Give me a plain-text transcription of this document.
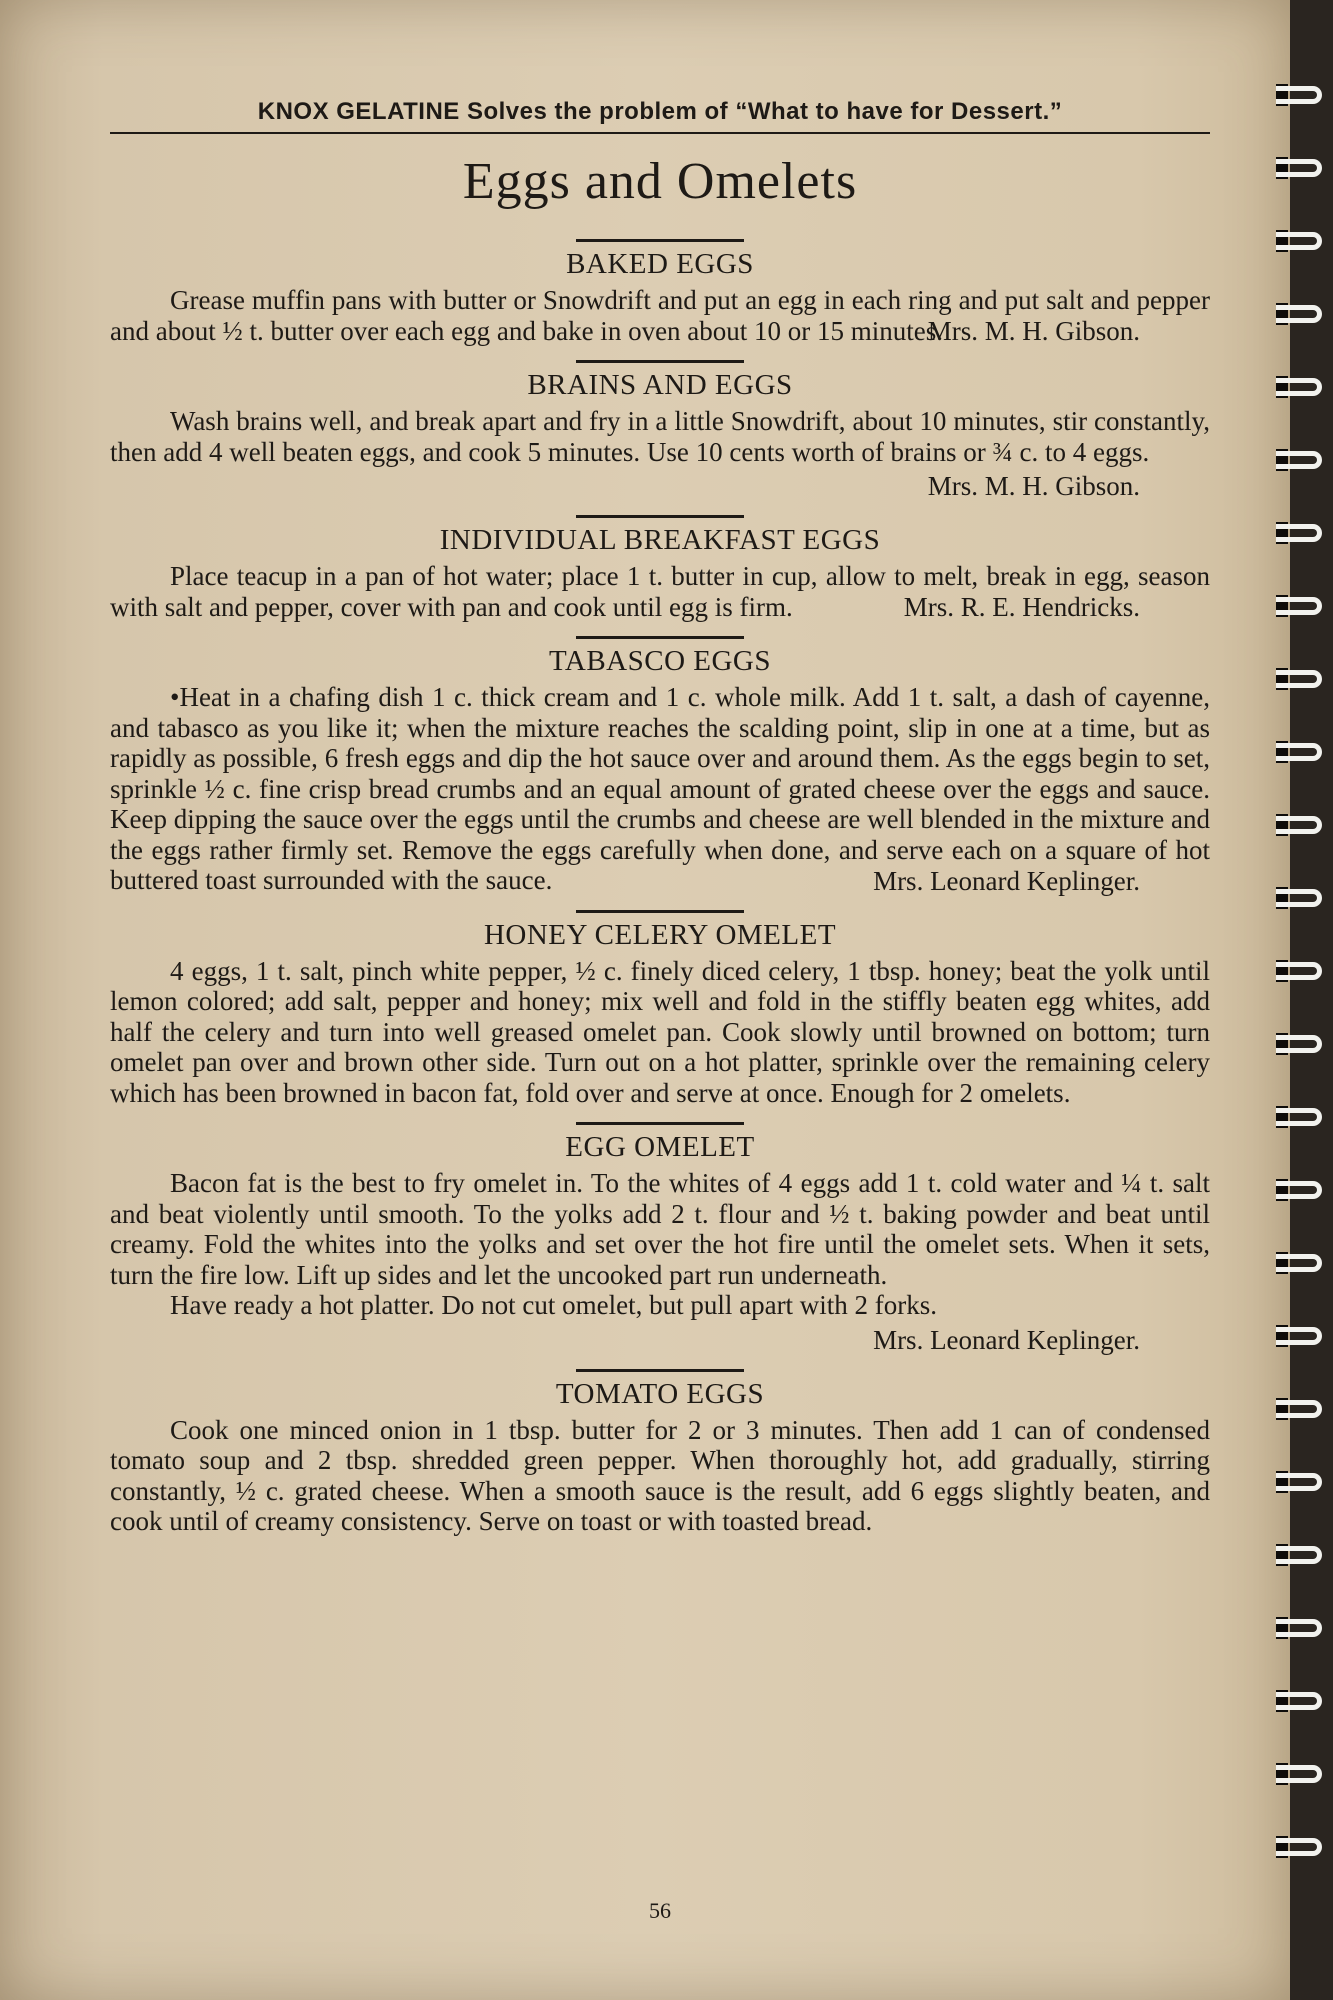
KNOX GELATINE Solves the problem of “What to have for Dessert.”
Eggs and Omelets
BAKED EGGS

Grease muffin pans with butter or Snowdrift and put an egg in each ring and put salt and pepper and about ½ t. butter over each egg and bake in oven about 10 or 15 minutes.

Mrs. M. H. Gibson.
BRAINS AND EGGS

Wash brains well, and break apart and fry in a little Snowdrift, about 10 minutes, stir constantly, then add 4 well beaten eggs, and cook 5 minutes. Use 10 cents worth of brains or ¾ c. to 4 eggs.

Mrs. M. H. Gibson.
INDIVIDUAL BREAKFAST EGGS

Place teacup in a pan of hot water; place 1 t. butter in cup, allow to melt, break in egg, season with salt and pepper, cover with pan and cook until egg is firm.	Mrs. R. E. Hendricks.
TABASCO EGGS

•Heat in a chafing dish 1 c. thick cream and 1 c. whole milk. Add 1 t. salt, a dash of cayenne, and tabasco as you like it; when the mixture reaches the scalding point, slip in one at a time, but as rapidly as possible, 6 fresh eggs and dip the hot sauce over and around them. As the eggs begin to set, sprinkle ½ c. fine crisp bread crumbs and an equal amount of grated cheese over the eggs and sauce. Keep dipping the sauce over the eggs until the crumbs and cheese are well blended in the mixture and the eggs rather firmly set. Remove the eggs carefully when done, and serve each on a square of hot buttered toast surrounded with the sauce.	Mrs. Leonard Keplinger.
HONEY CELERY OMELET

4 eggs, 1 t. salt, pinch white pepper, ½ c. finely diced celery, 1 tbsp. honey; beat the yolk until lemon colored; add salt, pepper and honey; mix well and fold in the stiffly beaten egg whites, add half the celery and turn into well greased omelet pan. Cook slowly until browned on bottom; turn omelet pan over and brown other side. Turn out on a hot platter, sprinkle over the remaining celery which has been browned in bacon fat, fold over and serve at once. Enough for 2 omelets.

EGG OMELET

Bacon fat is the best to fry omelet in. To the whites of 4 eggs add 1 t. cold water and ¼ t. salt and beat violently until smooth. To the yolks add 2 t. flour and ½ t. baking powder and beat until creamy. Fold the whites into the yolks and set over the hot fire until the omelet sets. When it sets, turn the fire low. Lift up sides and let the uncooked part run underneath.

Have ready a hot platter. Do not cut omelet, but pull apart with 2 forks.

Mrs. Leonard Keplinger.
TOMATO EGGS

Cook one minced onion in 1 tbsp. butter for 2 or 3 minutes. Then add 1 can of condensed tomato soup and 2 tbsp. shredded green pepper. When thoroughly hot, add gradually, stirring constantly, ½ c. grated cheese. When a smooth sauce is the result, add 6 eggs slightly beaten, and cook until of creamy consistency. Serve on toast or with toasted bread.

56
